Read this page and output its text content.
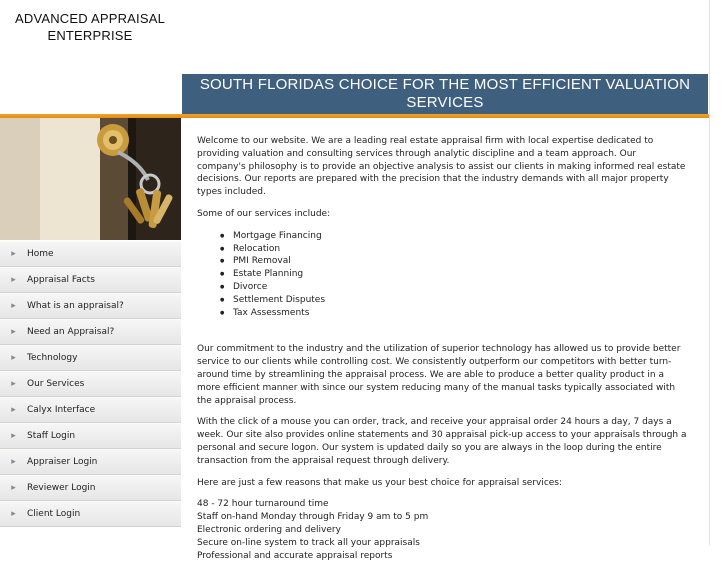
ADVANCED APPRAISAL
ENTERPRISE
SOUTH FLORIDAS CHOICE FOR THE MOST EFFICIENT VALUATION
SERVICES
▸	Home
▸	Appraisal Facts
▸	What is an appraisal?
▸	Need an Appraisal?
▸	Technology
▸	Our Services
▸	Calyx Interface
▸	Staff Login
▸	Appraiser Login
▸	Reviewer Login
▸	Client Login

Welcome to our website. We are a leading real estate appraisal firm with local expertise dedicated to providing valuation and consulting services through analytic discipline and a team approach. Our company's philosophy is to provide an objective analysis to assist our clients in making informed real estate decisions. Our reports are prepared with the precision that the industry demands with all major property types included.

Some of our services include:

● Mortgage Financing
● Relocation
● PMI Removal
● Estate Planning
● Divorce
● Settlement Disputes
● Tax Assessments

Our commitment to the industry and the utilization of superior technology has allowed us to provide better service to our clients while controlling cost. We consistently outperform our competitors with better turn-around time by streamlining the appraisal process. We are able to produce a better quality product in a more efficient manner with since our system reducing many of the manual tasks typically associated with the appraisal process.

With the click of a mouse you can order, track, and receive your appraisal order 24 hours a day, 7 days a week. Our site also provides online statements and 30 appraisal pick-up access to your appraisals through a personal and secure logon. Our system is updated daily so you are always in the loop during the entire transaction from the appraisal request through delivery.

Here are just a few reasons that make us your best choice for appraisal services:

48 - 72 hour turnaround time
Staff on-hand Monday through Friday 9 am to 5 pm
Electronic ordering and delivery
Secure on-line system to track all your appraisals
Professional and accurate appraisal reports
